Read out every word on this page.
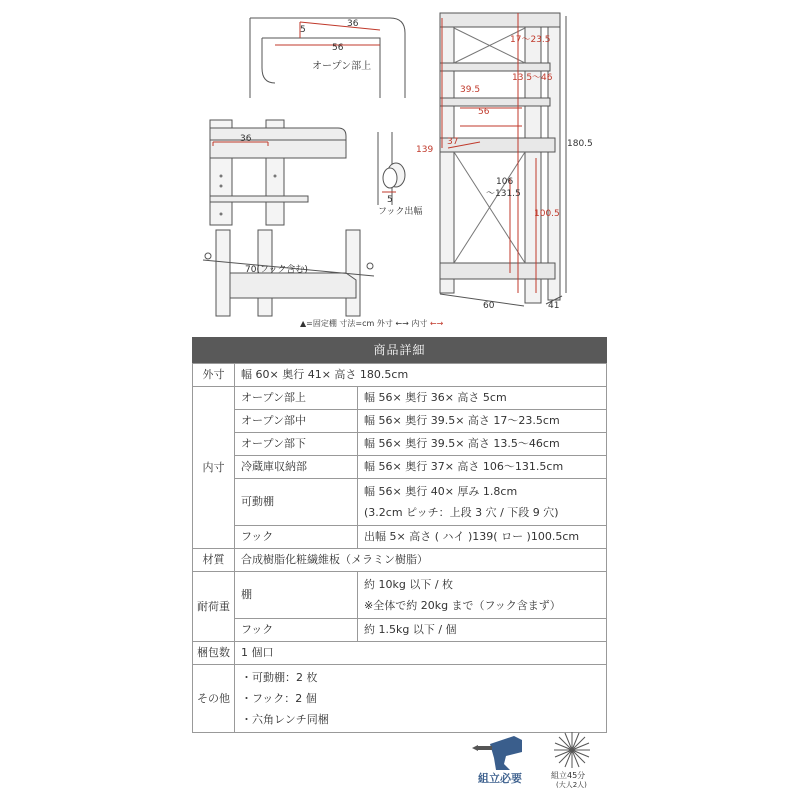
36
5
56
オープン部上
36
5
フック出幅
70(フック含む)
17～23.5
13.5～46
39.5
56
139
37	180.5
106
～131.5
100.5
60	41
▲=固定棚 寸法=cm 外寸 ←→ 内寸 ←→
商品詳細
外寸	幅 60× 奥行 41× 高さ 180.5cm	
内寸	オープン部上	幅 56× 奥行 36× 高さ 5cm
	オープン部中	幅 56× 奥行 39.5× 高さ 17～23.5cm
	オープン部下	幅 56× 奥行 39.5× 高さ 13.5～46cm
	冷蔵庫収納部	幅 56× 奥行 37× 高さ 106～131.5cm
	可動棚	幅 56× 奥行 40× 厚み 1.8cm
(3.2cm ピッチ：上段 3 穴 / 下段 9 穴)

	フック	出幅 5× 高さ ( ハイ )139( ロー )100.5cm
材質	合成樹脂化粧繊維板（メラミン樹脂）	
耐荷重	棚	約 10kg 以下 / 枚
※全体で約 20kg まで（フック含まず）

	フック	約 1.5kg 以下 / 個
梱包数	1 個口	
その他	・可動棚：2 枚
・フック：2 個
・六角レンチ同梱	
組立必要	組立45分
(大人2人)
